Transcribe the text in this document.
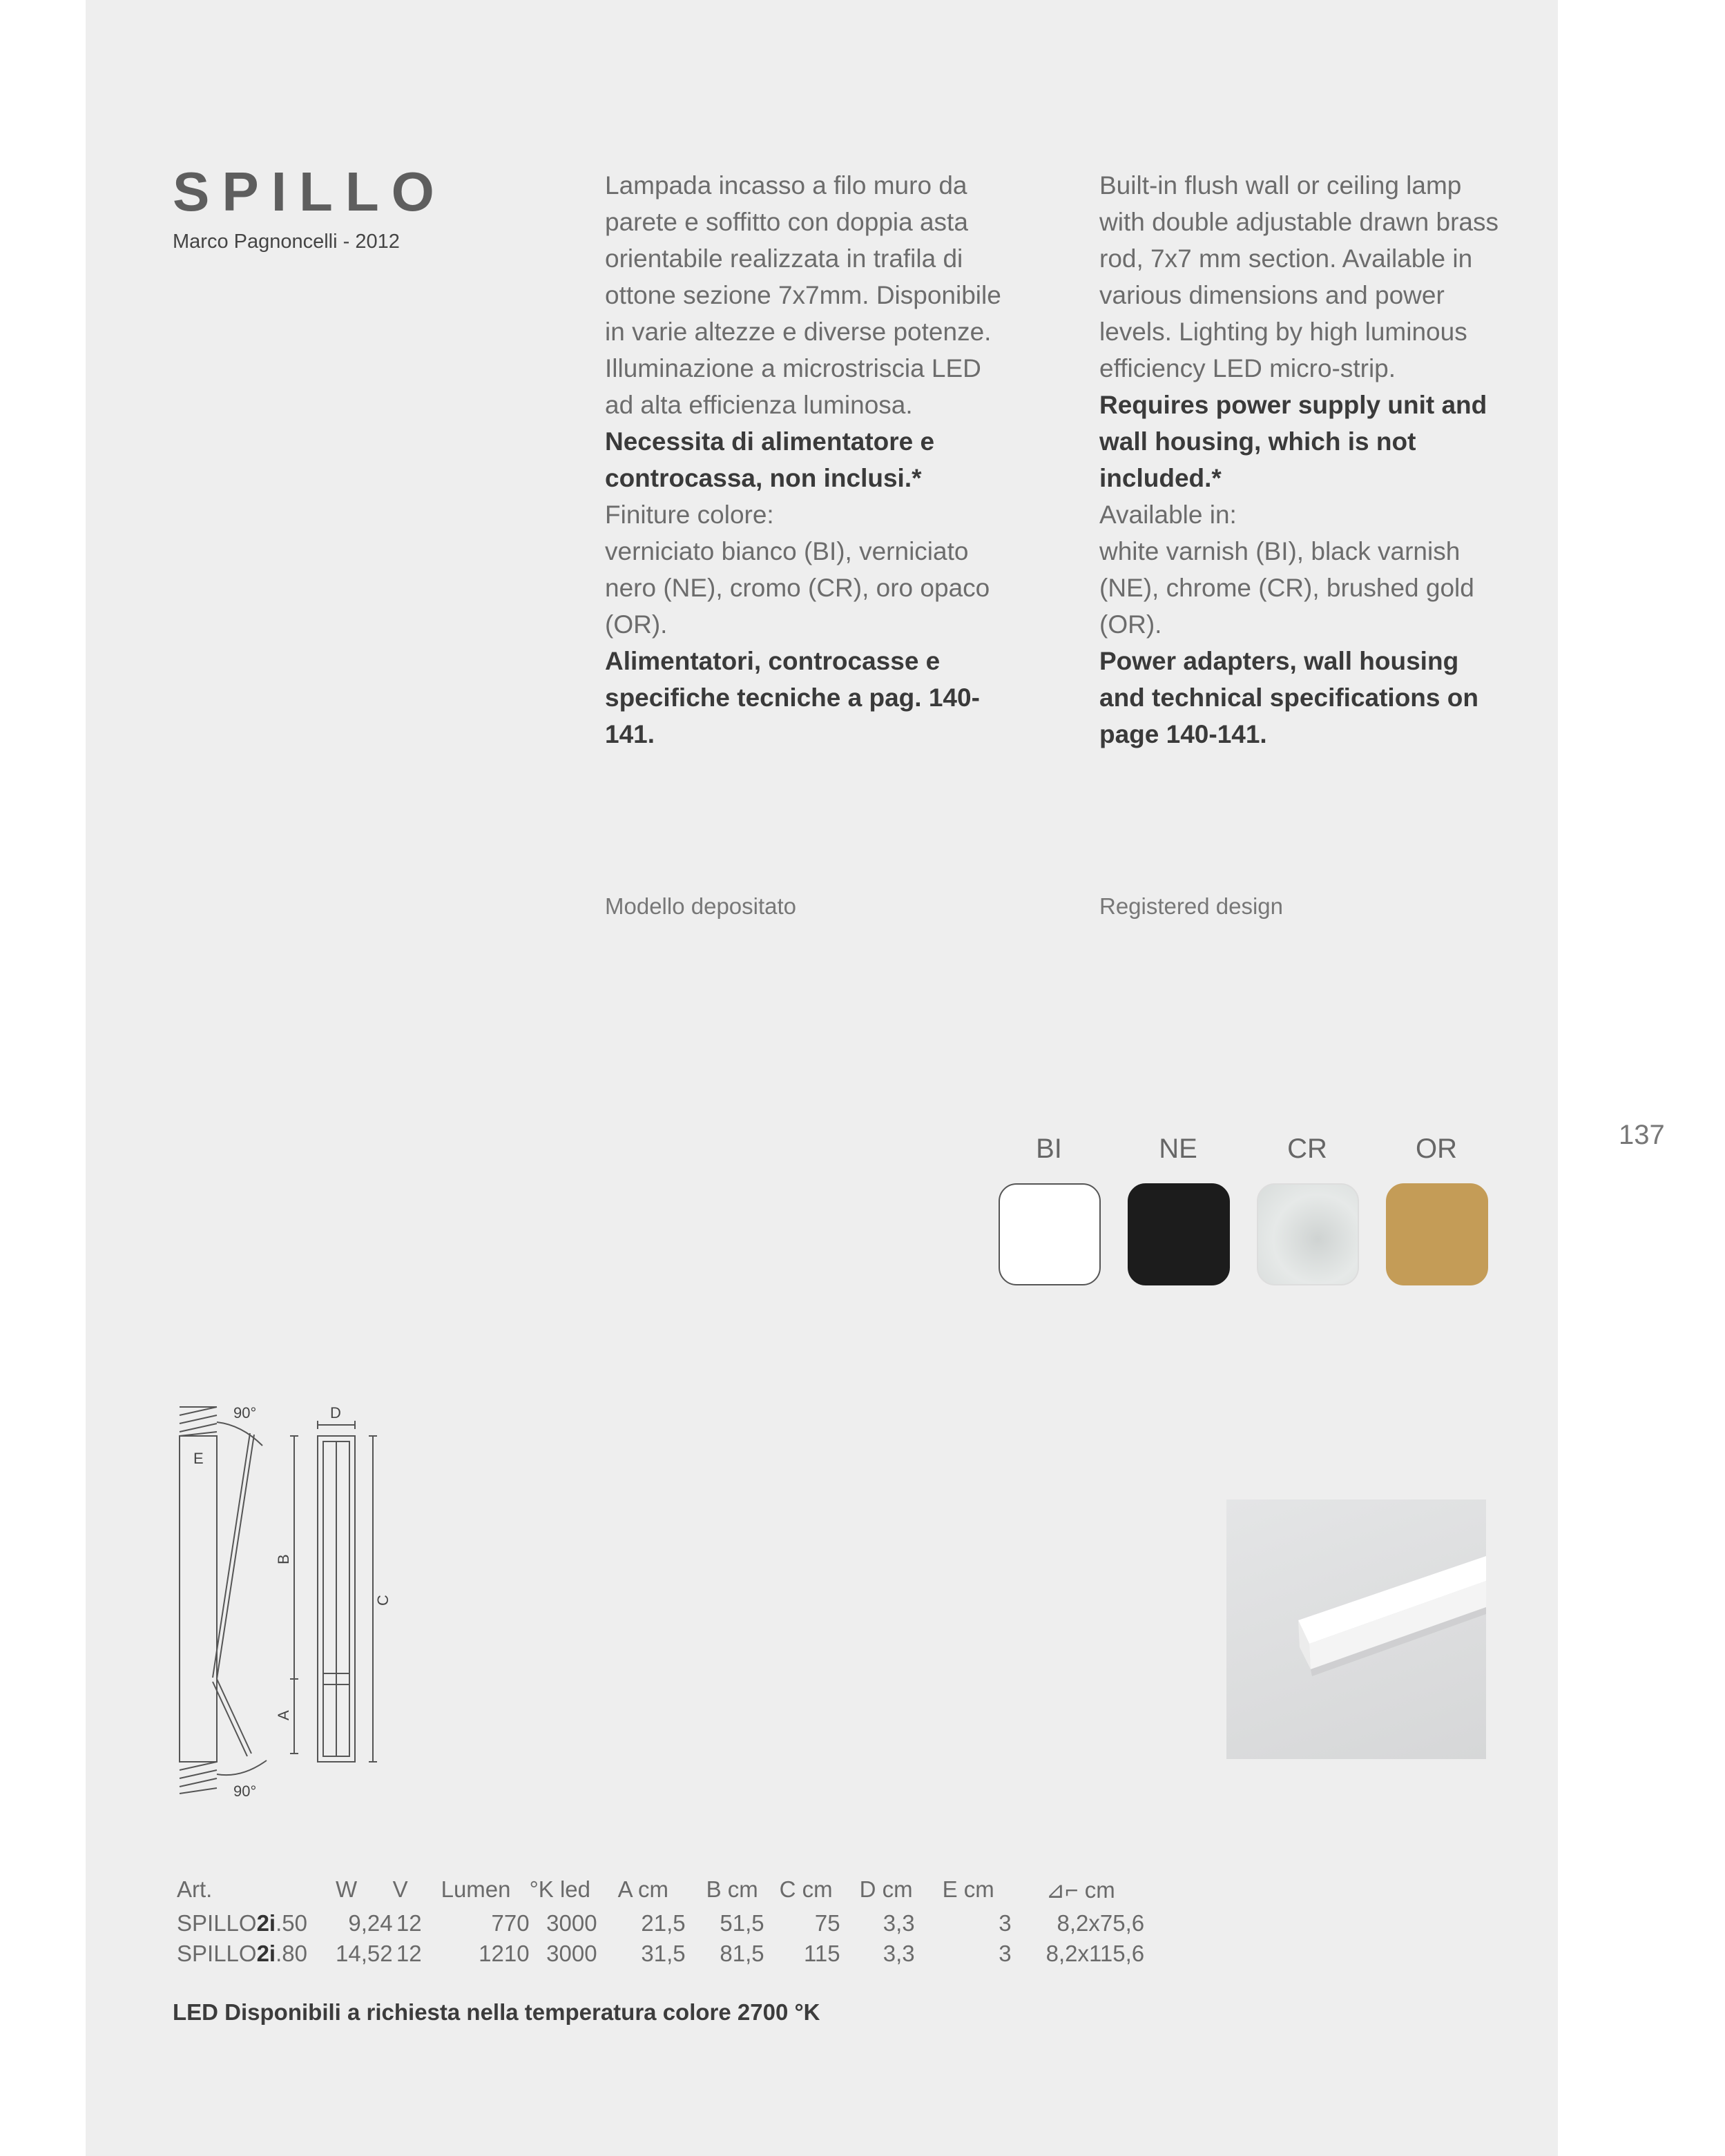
SPILLO
Marco Pagnoncelli - 2012

Lampada incasso a filo muro da parete e soffitto con doppia asta orientabile realizzata in trafila di ottone sezione 7x7mm. Disponibile in varie altezze e diverse potenze. Illuminazione a microstriscia LED ad alta efficienza luminosa.

Necessita di alimentatore e controcassa, non inclusi.*

Finiture colore:

verniciato bianco (BI), verniciato nero (NE), cromo (CR), oro opaco (OR).

Alimentatori, controcasse e specifiche tecniche a pag. 140-141.

Built-in flush wall or ceiling lamp with double adjustable drawn brass rod, 7x7 mm section. Available in various dimensions and power levels. Lighting by high luminous efficiency LED micro-strip. Requires power supply unit and wall housing, which is not included.*

Available in:

white varnish (BI), black varnish (NE), chrome (CR), brushed gold (OR).

Power adapters, wall housing and technical specifications on page 140-141.

Modello depositato	Registered design
137
BI	NE	CR	OR
90°
90°
E
D
B
A
C
Art.	W	V	Lumen	°K led	A cm	B cm	C cm	D cm	E cm	⊿⌐ cm
SPILLO2i.50	9,24	12	770	3000	21,5	51,5	75	3,3	3	8,2x75,6
SPILLO2i.80	14,52	12	1210	3000	31,5	81,5	115	3,3	3	8,2x115,6
LED Disponibili a richiesta nella temperatura colore 2700 °K
